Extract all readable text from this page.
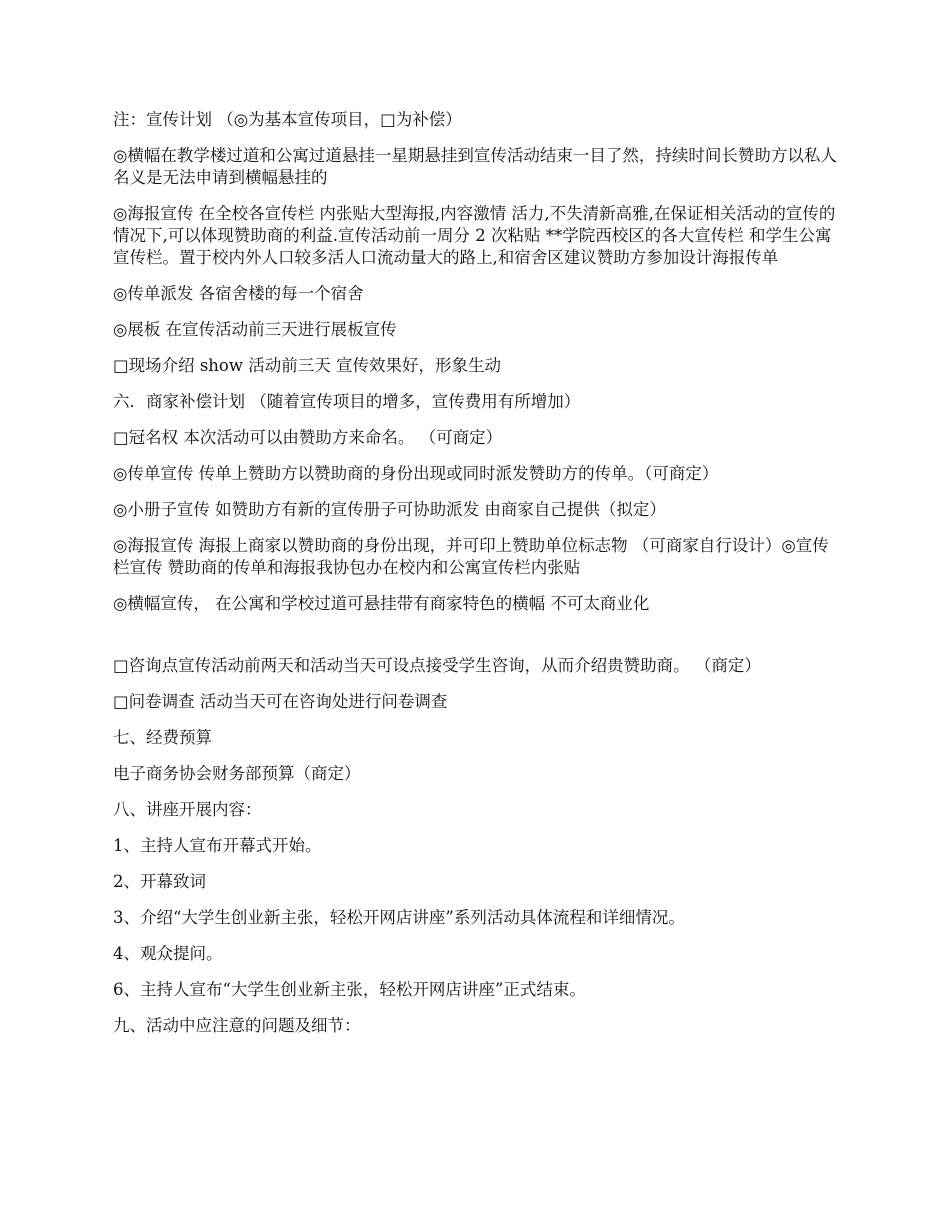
注：宣传计划 （◎为基本宣传项目，□为补偿）

◎横幅在教学楼过道和公寓过道悬挂一星期悬挂到宣传活动结束一目了然，持续时间长赞助方以私人名义是无法申请到横幅悬挂的

◎海报宣传 在全校各宣传栏 内张贴大型海报,内容激情 活力,不失清新高雅,在保证相关活动的宣传的情况下,可以体现赞助商的利益.宣传活动前一周分 2 次粘贴 **学院西校区的各大宣传栏 和学生公寓宣传栏。置于校内外人口较多活人口流动量大的路上,和宿舍区建议赞助方参加设计海报传单

◎传单派发 各宿舍楼的每一个宿舍

◎展板 在宣传活动前三天进行展板宣传

□现场介绍 show 活动前三天 宣传效果好，形象生动

六．商家补偿计划 （随着宣传项目的增多，宣传费用有所增加）

□冠名权 本次活动可以由赞助方来命名。 （可商定）

◎传单宣传 传单上赞助方以赞助商的身份出现或同时派发赞助方的传单。（可商定）

◎小册子宣传 如赞助方有新的宣传册子可协助派发 由商家自己提供（拟定）

◎海报宣传 海报上商家以赞助商的身份出现，并可印上赞助单位标志物 （可商家自行设计）◎宣传栏宣传 赞助商的传单和海报我协包办在校内和公寓宣传栏内张贴

◎横幅宣传， 在公寓和学校过道可悬挂带有商家特色的横幅 不可太商业化

□咨询点宣传活动前两天和活动当天可设点接受学生咨询，从而介绍贵赞助商。 （商定）

□问卷调查 活动当天可在咨询处进行问卷调查

七、经费预算

电子商务协会财务部预算（商定）

八、讲座开展内容：

1、主持人宣布开幕式开始。

2、开幕致词

3、介绍“大学生创业新主张，轻松开网店讲座”系列活动具体流程和详细情况。

4、观众提问。

6、主持人宣布“大学生创业新主张，轻松开网店讲座”正式结束。

九、活动中应注意的问题及细节：
